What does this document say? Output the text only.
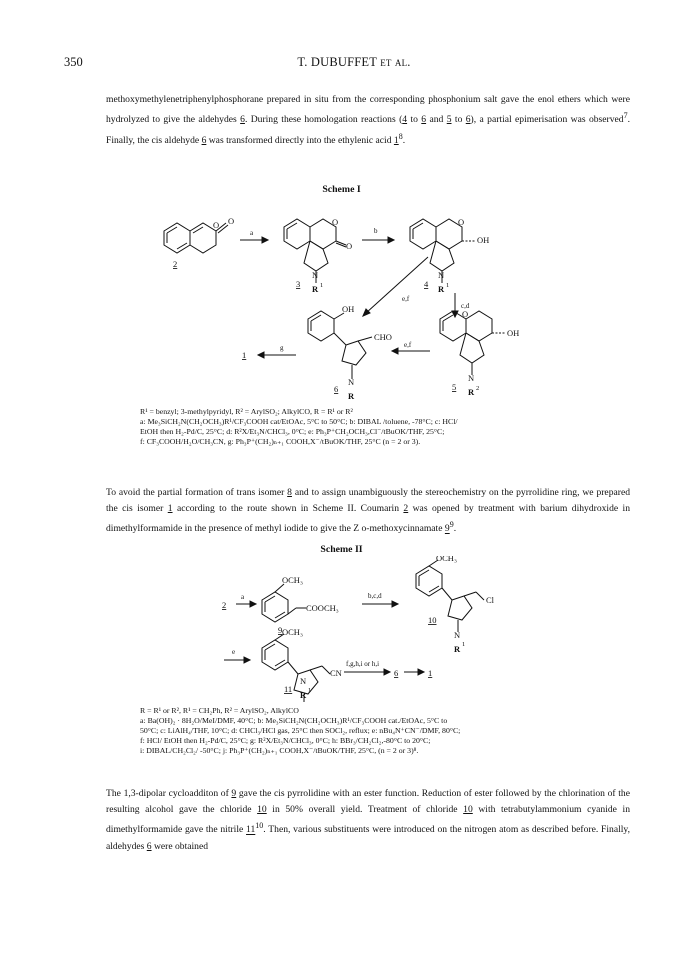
350	T. DUBUFFET et al.
methoxymethylenetriphenylphosphorane prepared in situ from the corresponding phosphonium salt gave the enol ethers which were hydrolyzed to give the aldehydes 6. During these homologation reactions (4 to 6 and 5 to 6), a partial epimerisation was observed$^7$. Finally, the cis aldehyde 6 was transformed directly into the ethylenic acid $1^8$.
Scheme I
2
O O
a
O
O
N
R 1
3
b
O
OH
N
R 1
4
e,f
c,d
OH
CHO
N
R
6
e,f
g
1
O
OH
N
R 2
5
R¹ = benzyl; 3-methylpyridyl, R² = ArylSO₂; AlkylCO, R = R¹ or R²
a: Me₃SiCH₂N(CH₂OCH₃)R¹/CF₃COOH cat/EtOAc, 5°C to 50°C; b: DIBAL /toluene, -78°C; c: HCl/
EtOH then H₂-Pd/C, 25°C; d: R²X/Et₃N/CHCl₃, 0°C; e: Ph₃P⁺CH₂OCH₃,Cl⁻/tBuOK/THF, 25°C;
f: CF₃COOH/H₂O/CH₃CN, g: Ph₃P⁺(CH₂)ₙ₊₁ COOH,X⁻/tBuOK/THF, 25°C (n = 2 or 3).
To avoid the partial formation of trans isomer 8 and to assign unambiguously the stereochemistry on the pyrrolidine ring, we prepared the cis isomer 1 according to the route shown in Scheme II. Coumarin 2 was opened by treatment with barium dihydroxide in dimethylformamide in the presence of methyl iodide to give the Z o-methoxycinnamate $9^9$.
Scheme II
2
a
OCH₃
COOCH₃
9
b,c,d
OCH₃
Cl
10
N
R 1
e
OCH₃
CN
f,g,h,i or h,i
6	1
N
R 1
11
R = R¹ or R², R¹ = CH₂Ph, R² = ArylSO₂, AlkylCO
a: Ba(OH)₂ · 8H₂O/MeI/DMF, 40°C; b: Me₃SiCH₂N(CH₂OCH₃)R¹/CF₃COOH cat./EtOAc, 5°C to
50°C; c: LiAlH₄/THF, 10°C; d: CHCl₃/HCl gas, 25°C then SOCl₂, reflux; e: nBu₄N⁺CN⁻/DMF, 80°C;
f: HCl/ EtOH then H₂-Pd/C, 25°C; g: R²X/Et₃N/CHCl₃, 0°C; h: BBr₃/CH₂Cl₂,-80°C to 20°C;
i: DIBAL/CH₂Cl₂/ -50°C; j: Ph₃P⁺(CH₂)ₙ₊₁ COOH,X⁻/tBuOK/THF, 25°C, (n = 2 or 3)⁸.
The 1,3-dipolar cycloadditon of 9 gave the cis pyrrolidine with an ester function. Reduction of ester followed by the chlorination of the resulting alcohol gave the chloride 10 in 50% overall yield. Treatment of chloride 10 with tetrabutylammonium cyanide in dimethylformamide gave the nitrile $11^{10}$. Then, various substituents were introduced on the nitrogen atom as described before. Finally, aldehydes 6 were obtained
